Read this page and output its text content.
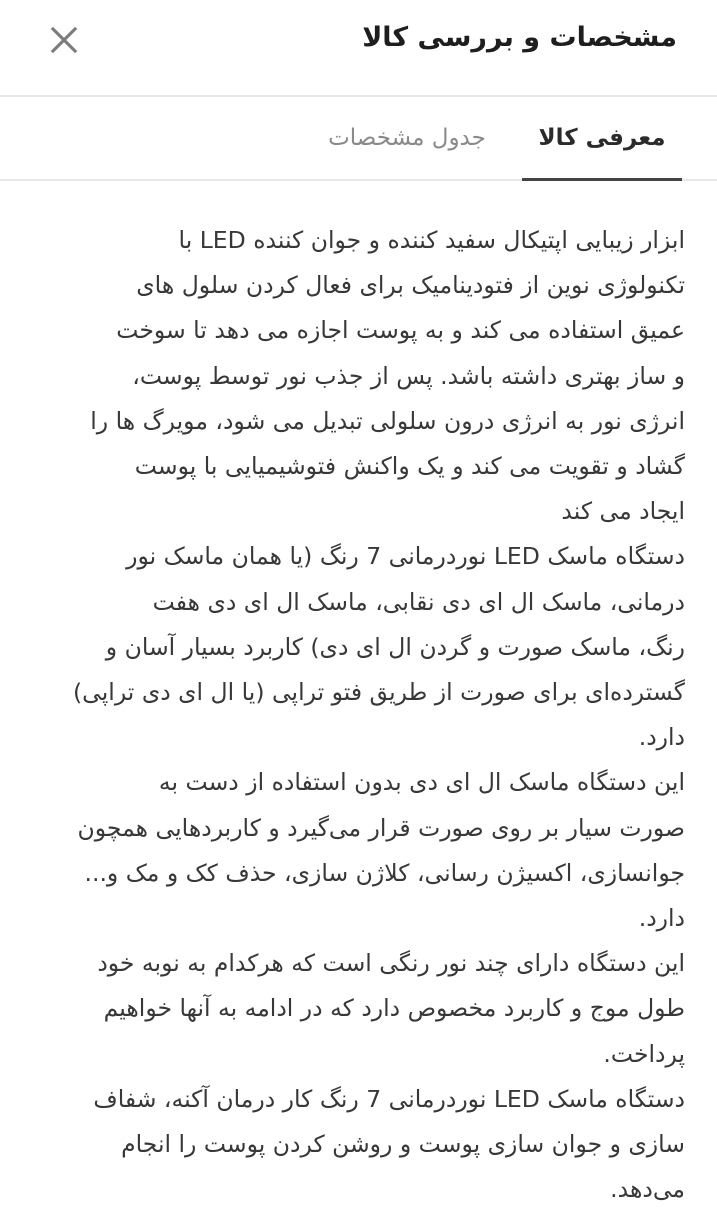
مشخصات و بررسی کالا
معرفی کالا
جدول مشخصات
ابزار زیبایی اپتیکال سفید کننده و جوان کننده LED با
تکنولوژی نوین از فتودینامیک برای فعال کردن سلول های
عمیق استفاده می کند و به پوست اجازه می دهد تا سوخت
و ساز بهتری داشته باشد. پس از جذب نور توسط پوست،
انرژی نور به انرژی درون سلولی تبدیل می شود، مویرگ ها را
گشاد و تقویت می کند و یک واکنش فتوشیمیایی با پوست
ایجاد می کند
دستگاه ماسک LED نوردرمانی 7 رنگ (یا همان ماسک نور
درمانی، ماسک ال ای دی نقابی، ماسک ال ای دی هفت
رنگ، ماسک صورت و گردن ال ای دی) کاربرد بسیار آسان و
گسترده‌ای برای صورت از طریق فتو تراپی (یا ال ای دی تراپی)
دارد.
این دستگاه ماسک ال ای دی بدون استفاده از دست به
صورت سیار بر روی صورت قرار می‌گیرد و کاربردهایی همچون
جوانسازی، اکسیژن رسانی، کلاژن سازی، حذف کک و مک و...
دارد.
این دستگاه دارای چند نور رنگی است که هرکدام به نوبه خود
طول موج و کاربرد مخصوص دارد که در ادامه به آنها خواهیم
پرداخت.
دستگاه ماسک LED نوردرمانی 7 رنگ کار درمان آکنه، شفاف
سازی و جوان سازی پوست و روشن کردن پوست را انجام
می‌دهد.
